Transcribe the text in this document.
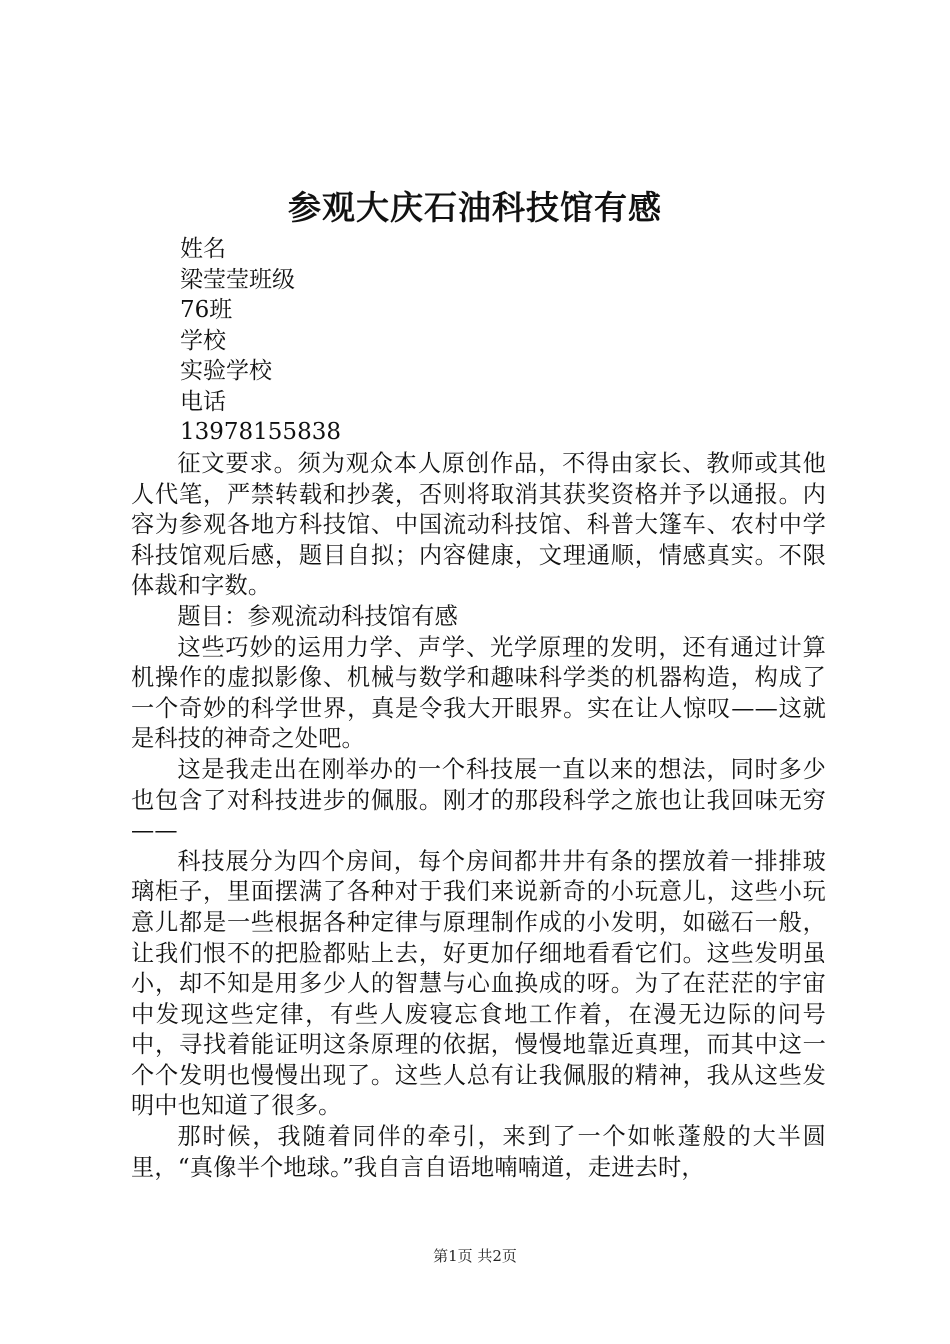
参观大庆石油科技馆有感
姓名
梁莹莹班级
76班
学校
实验学校
电话
13978155838

征文要求。须为观众本人原创作品，不得由家长、教师或其他人代笔，严禁转载和抄袭，否则将取消其获奖资格并予以通报。内容为参观各地方科技馆、中国流动科技馆、科普大篷车、农村中学科技馆观后感，题目自拟；内容健康，文理通顺，情感真实。不限体裁和字数。

题目：参观流动科技馆有感

这些巧妙的运用力学、声学、光学原理的发明，还有通过计算机操作的虚拟影像、机械与数学和趣味科学类的机器构造，构成了一个奇妙的科学世界，真是令我大开眼界。实在让人惊叹——这就是科技的神奇之处吧。

这是我走出在刚举办的一个科技展一直以来的想法，同时多少也包含了对科技进步的佩服。刚才的那段科学之旅也让我回味无穷——

科技展分为四个房间，每个房间都井井有条的摆放着一排排玻璃柜子，里面摆满了各种对于我们来说新奇的小玩意儿，这些小玩意儿都是一些根据各种定律与原理制作成的小发明，如磁石一般，让我们恨不的把脸都贴上去，好更加仔细地看看它们。这些发明虽小，却不知是用多少人的智慧与心血换成的呀。为了在茫茫的宇宙中发现这些定律，有些人废寝忘食地工作着，在漫无边际的问号中，寻找着能证明这条原理的依据，慢慢地靠近真理，而其中这一个个发明也慢慢出现了。这些人总有让我佩服的精神，我从这些发明中也知道了很多。

那时候，我随着同伴的牵引，来到了一个如帐蓬般的大半圆里，“真像半个地球。”我自言自语地喃喃道，走进去时，

第1页 共2页
